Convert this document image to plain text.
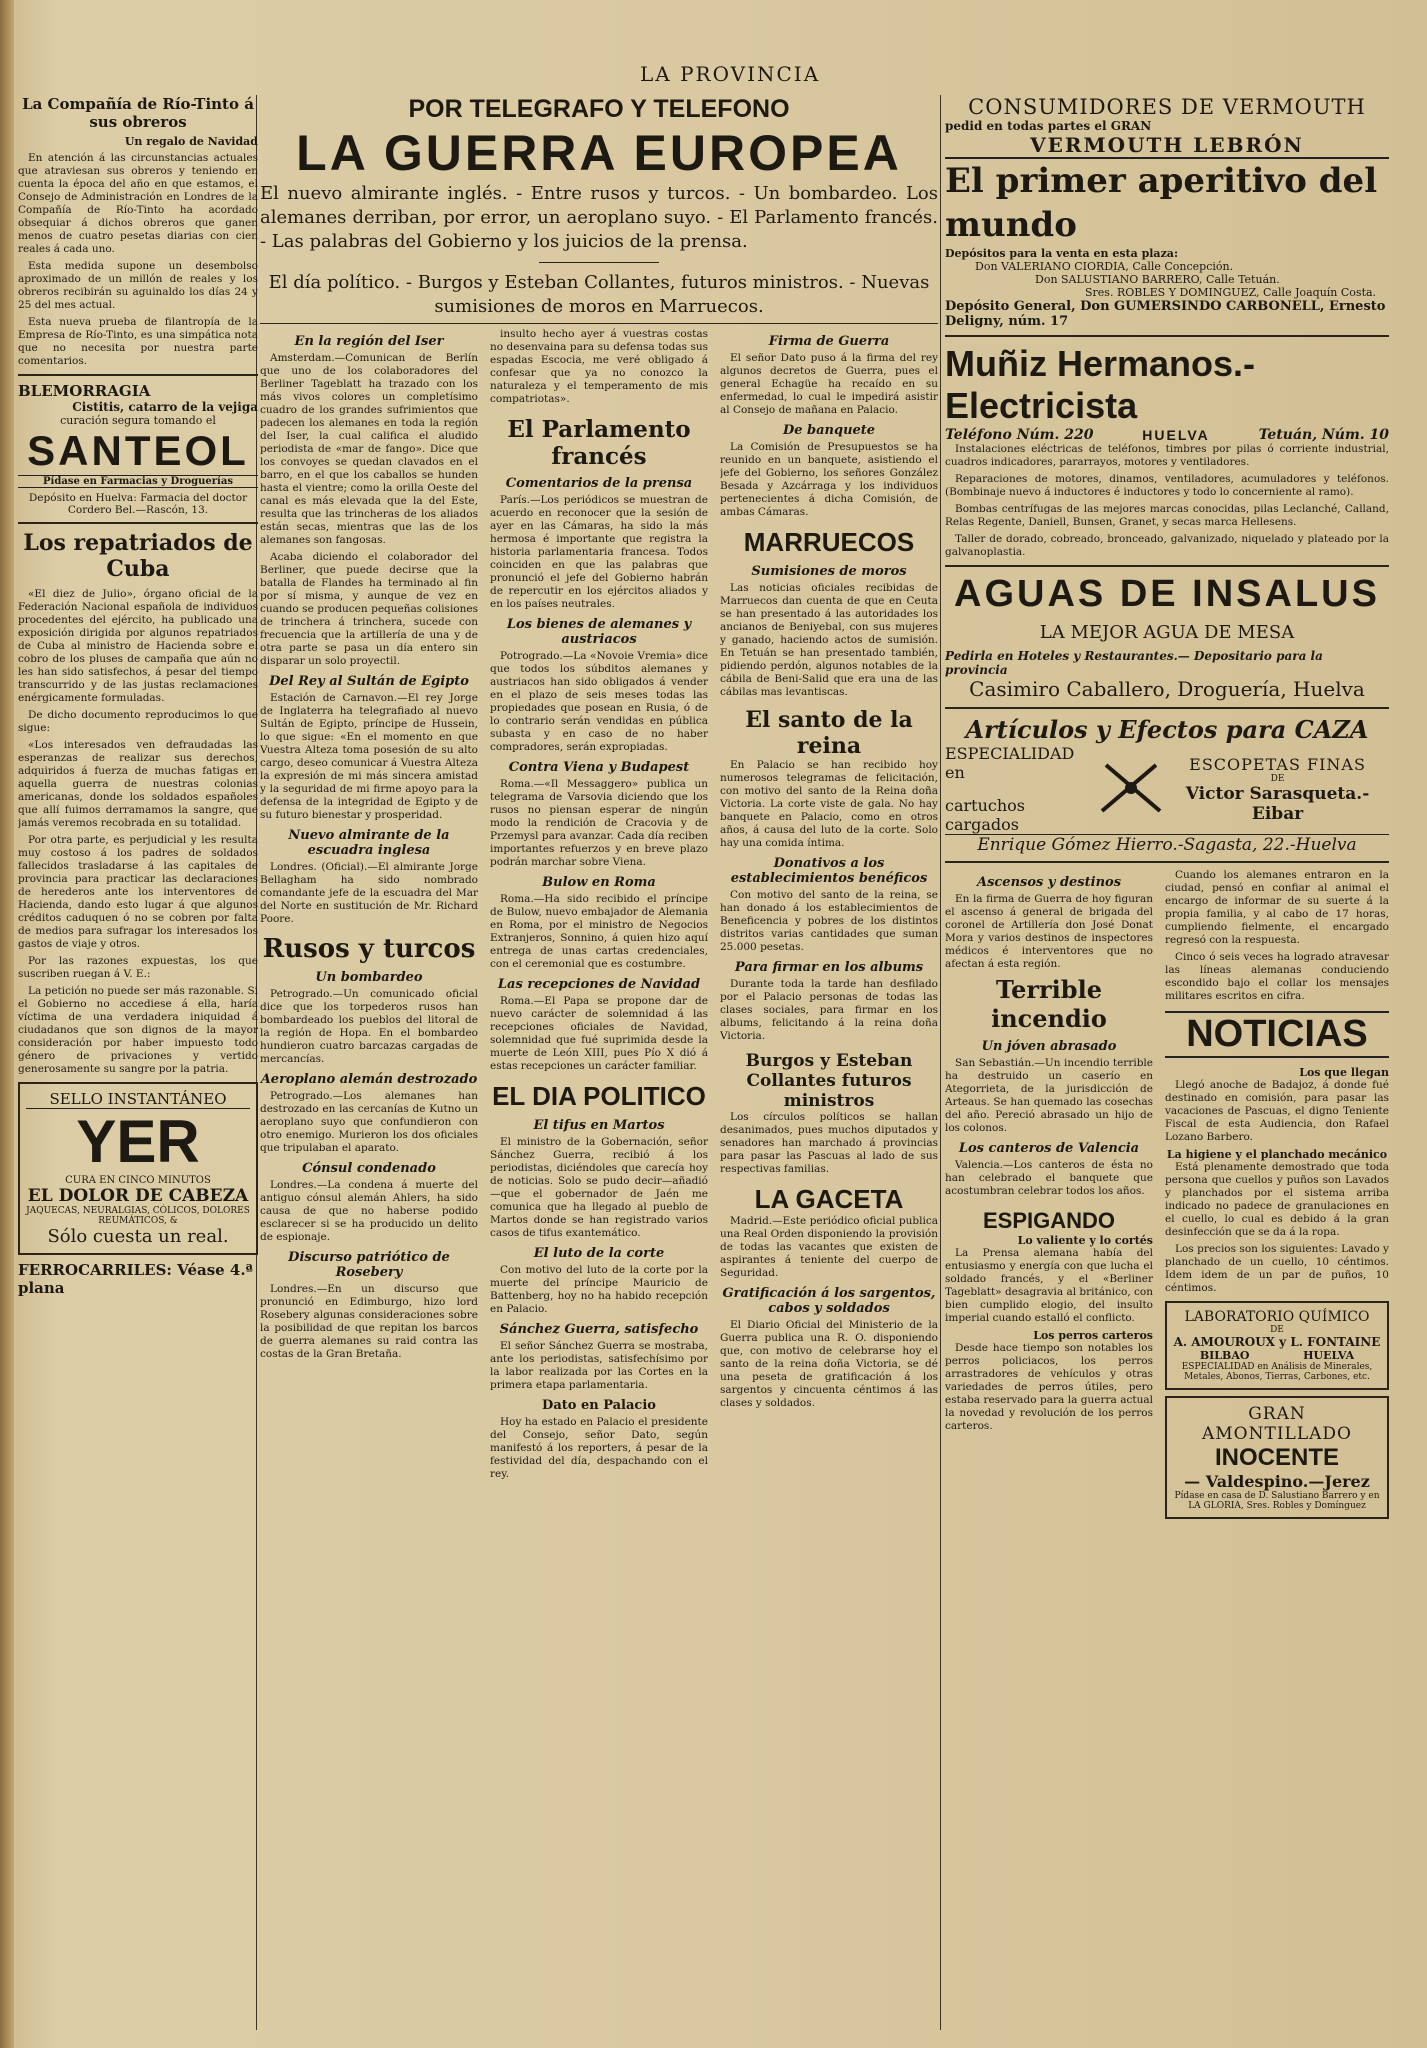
LA PROVINCIA
La Compañía de Río-Tinto á sus obreros
Un regalo de Navidad

En atención á las circunstancias actuales que atraviesan sus obreros y teniendo en cuenta la época del año en que estamos, el Consejo de Administración en Londres de la Compañía de Río-Tinto ha acordado obsequiar á dichos obreros que ganen menos de cuatro pesetas diarias con cien reales á cada uno.

Esta medida supone un desembolso aproximado de un millón de reales y los obreros recibirán su aguinaldo los días 24 y 25 del mes actual.

Esta nueva prueba de filantropía de la Empresa de Río-Tinto, es una simpática nota que no necesita por nuestra parte comentarios.

BLEMORRAGIA
Cistitis, catarro de la vejiga
curación segura tomando el
SANTEOL
Pídase en Farmacias y Droguerías
Depósito en Huelva: Farmacia del doctor Cordero Bel.—Rascón, 13.
Los repatriados de Cuba

«El diez de Julio», órgano oficial de la Federación Nacional española de individuos procedentes del ejército, ha publicado una exposición dirigida por algunos repatriados de Cuba al ministro de Hacienda sobre el cobro de los pluses de campaña que aún no les han sido satisfechos, á pesar del tiempo transcurrido y de las justas reclamaciones enérgicamente formuladas.

De dicho documento reproducimos lo que sigue:

«Los interesados ven defraudadas las esperanzas de realizar sus derechos, adquiridos á fuerza de muchas fatigas en aquella guerra de nuestras colonias americanas, donde los soldados españoles que allí fuimos derramamos la sangre, que jamás veremos recobrada en su totalidad.

Por otra parte, es perjudicial y les resulta muy costoso á los padres de soldados fallecidos trasladarse á las capitales de provincia para practicar las declaraciones de herederos ante los interventores de Hacienda, dando esto lugar á que algunos créditos caduquen ó no se cobren por falta de medios para sufragar los interesados los gastos de viaje y otros.

Por las razones expuestas, los que suscriben ruegan á V. E.:

La petición no puede ser más razonable. Si el Gobierno no accediese á ella, haría víctima de una verdadera iniquidad á ciudadanos que son dignos de la mayor consideración por haber impuesto todo género de privaciones y vertido generosamente su sangre por la patria.

SELLO INSTANTÁNEO
YER
CURA EN CINCO MINUTOS
EL DOLOR DE CABEZA
JAQUECAS, NEURALGIAS, CÓLICOS, DOLORES REUMÁTICOS, &
Sólo cuesta un real.
FERROCARRILES: Véase 4.ª plana
POR TELEGRAFO Y TELEFONO
LA GUERRA EUROPEA
El nuevo almirante inglés. - Entre rusos y turcos. - Un bombardeo. Los alemanes derriban, por error, un aeroplano suyo. - El Parlamento francés. - Las palabras del Gobierno y los juicios de la prensa.
El día político. - Burgos y Esteban Collantes, futuros ministros. - Nuevas sumisiones de moros en Marruecos.
En la región del Iser

Amsterdam.—Comunican de Berlín que uno de los colaboradores del Berliner Tageblatt ha trazado con los más vivos colores un completísimo cuadro de los grandes sufrimientos que padecen los alemanes en toda la región del Iser, la cual califica el aludido periodista de «mar de fango». Dice que los convoyes se quedan clavados en el barro, en el que los caballos se hunden hasta el vientre; como la orilla Oeste del canal es más elevada que la del Este, resulta que las trincheras de los aliados están secas, mientras que las de los alemanes son fangosas.

Acaba diciendo el colaborador del Berliner, que puede decirse que la batalla de Flandes ha terminado al fin por sí misma, y aunque de vez en cuando se producen pequeñas colisiones de trinchera á trinchera, sucede con frecuencia que la artillería de una y de otra parte se pasa un día entero sin disparar un solo proyectil.

Del Rey al Sultán de Egipto

Estación de Carnavon.—El rey Jorge de Inglaterra ha telegrafiado al nuevo Sultán de Egipto, príncipe de Hussein, lo que sigue: «En el momento en que Vuestra Alteza toma posesión de su alto cargo, deseo comunicar á Vuestra Alteza la expresión de mi más sincera amistad y la seguridad de mi firme apoyo para la defensa de la integridad de Egipto y de su futuro bienestar y prosperidad.

Nuevo almirante de la escuadra inglesa

Londres. (Oficial).—El almirante Jorge Bellagham ha sido nombrado comandante jefe de la escuadra del Mar del Norte en sustitución de Mr. Richard Poore.

Rusos y turcos
Un bombardeo

Petrogrado.—Un comunicado oficial dice que los torpederos rusos han bombardeado los pueblos del litoral de la región de Hopa. En el bombardeo hundieron cuatro barcazas cargadas de mercancías.

Aeroplano alemán destrozado

Petrogrado.—Los alemanes han destrozado en las cercanías de Kutno un aeroplano suyo que confundieron con otro enemigo. Murieron los dos oficiales que tripulaban el aparato.

Cónsul condenado

Londres.—La condena á muerte del antiguo cónsul alemán Ahlers, ha sido causa de que no haberse podido esclarecer si se ha producido un delito de espionaje.

Discurso patriótico de Rosebery

Londres.—En un discurso que pronunció en Edimburgo, hizo lord Rosebery algunas consideraciones sobre la posibilidad de que repitan los barcos de guerra alemanes su raid contra las costas de la Gran Bretaña.

insulto hecho ayer á vuestras costas no desenvaina para su defensa todas sus espadas Escocia, me veré obligado á confesar que ya no conozco la naturaleza y el temperamento de mis compatriotas».

El Parlamento francés
Comentarios de la prensa

París.—Los periódicos se muestran de acuerdo en reconocer que la sesión de ayer en las Cámaras, ha sido la más hermosa é importante que registra la historia parlamentaria francesa. Todos coinciden en que las palabras que pronunció el jefe del Gobierno habrán de repercutir en los ejércitos aliados y en los países neutrales.

Los bienes de alemanes y austriacos

Potrogrado.—La «Novoie Vremia» dice que todos los súbditos alemanes y austriacos han sido obligados á vender en el plazo de seis meses todas las propiedades que posean en Rusia, ó de lo contrario serán vendidas en pública subasta y en caso de no haber compradores, serán expropiadas.

Contra Viena y Budapest

Roma.—«Il Messaggero» publica un telegrama de Varsovia diciendo que los rusos no piensan esperar de ningún modo la rendición de Cracovia y de Przemysl para avanzar. Cada día reciben importantes refuerzos y en breve plazo podrán marchar sobre Viena.

Bulow en Roma

Roma.—Ha sido recibido el príncipe de Bulow, nuevo embajador de Alemania en Roma, por el ministro de Negocios Extranjeros, Sonnino, á quien hizo aquí entrega de unas cartas credenciales, con el ceremonial que es costumbre.

Las recepciones de Navidad

Roma.—El Papa se propone dar de nuevo carácter de solemnidad á las recepciones oficiales de Navidad, solemnidad que fué suprimida desde la muerte de León XIII, pues Pío X dió á estas recepciones un carácter familiar.

EL DIA POLITICO
El tifus en Martos

El ministro de la Gobernación, señor Sánchez Guerra, recibió á los periodistas, diciéndoles que carecía hoy de noticias. Solo se pudo decir—añadió—que el gobernador de Jaén me comunica que ha llegado al pueblo de Martos donde se han registrado varios casos de tifus exantemático.

El luto de la corte

Con motivo del luto de la corte por la muerte del príncipe Mauricio de Battenberg, hoy no ha habido recepción en Palacio.

Sánchez Guerra, satisfecho

El señor Sánchez Guerra se mostraba, ante los periodistas, satisfechísimo por la labor realizada por las Cortes en la primera etapa parlamentaria.

Dato en Palacio

Hoy ha estado en Palacio el presidente del Consejo, señor Dato, según manifestó á los reporters, á pesar de la festividad del día, despachando con el rey.

Firma de Guerra

El señor Dato puso á la firma del rey algunos decretos de Guerra, pues el general Echagüe ha recaído en su enfermedad, lo cual le impedirá asistir al Consejo de mañana en Palacio.

De banquete

La Comisión de Presupuestos se ha reunido en un banquete, asistiendo el jefe del Gobierno, los señores González Besada y Azcárraga y los individuos pertenecientes á dicha Comisión, de ambas Cámaras.

MARRUECOS
Sumisiones de moros

Las noticias oficiales recibidas de Marruecos dan cuenta de que en Ceuta se han presentado á las autoridades los ancianos de Beniyebal, con sus mujeres y ganado, haciendo actos de sumisión. En Tetuán se han presentado también, pidiendo perdón, algunos notables de la cábila de Beni-Salid que era una de las cábilas mas levantiscas.

El santo de la reina

En Palacio se han recibido hoy numerosos telegramas de felicitación, con motivo del santo de la Reina doña Victoria. La corte viste de gala. No hay banquete en Palacio, como en otros años, á causa del luto de la corte. Solo hay una comida íntima.

Donativos a los establecimientos benéficos

Con motivo del santo de la reina, se han donado á los establecimientos de Beneficencia y pobres de los distintos distritos varias cantidades que suman 25.000 pesetas.

Para firmar en los albums

Durante toda la tarde han desfilado por el Palacio personas de todas las clases sociales, para firmar en los albums, felicitando á la reina doña Victoria.

Burgos y Esteban Collantes futuros ministros

Los círculos políticos se hallan desanimados, pues muchos diputados y senadores han marchado á provincias para pasar las Pascuas al lado de sus respectivas familias.

LA GACETA

Madrid.—Este periódico oficial publica una Real Orden disponiendo la provisión de todas las vacantes que existen de aspirantes á teniente del cuerpo de Seguridad.

Gratificación á los sargentos, cabos y soldados

El Diario Oficial del Ministerio de la Guerra publica una R. O. disponiendo que, con motivo de celebrarse hoy el santo de la reina doña Victoria, se dé una peseta de gratificación á los sargentos y cincuenta céntimos á las clases y soldados.

CONSUMIDORES DE VERMOUTH
pedid en todas partes el GRAN
VERMOUTH LEBRÓN
El primer aperitivo del mundo
Depósitos para la venta en esta plaza:
Don VALERIANO CIORDIA, Calle Concepción.
Don SALUSTIANO BARRERO, Calle Tetuán.
Sres. ROBLES Y DOMINGUEZ, Calle Joaquín Costa.
Depósito General, Don GUMERSINDO CARBONELL, Ernesto Deligny, núm. 17
Muñiz Hermanos.-Electricista
Teléfono Núm. 220	HUELVA	Tetuán, Núm. 10

Instalaciones eléctricas de teléfonos, timbres por pilas ó corriente industrial, cuadros indicadores, pararrayos, motores y ventiladores.

Reparaciones de motores, dinamos, ventiladores, acumuladores y teléfonos. (Bombinaje nuevo á inductores é inductores y todo lo concerniente al ramo).

Bombas centrífugas de las mejores marcas conocidas, pilas Leclanché, Calland, Relas Regente, Daniell, Bunsen, Granet, y secas marca Hellesens.

Taller de dorado, cobreado, bronceado, galvanizado, niquelado y plateado por la galvanoplastia.

AGUAS DE INSALUS
LA MEJOR AGUA DE MESA
Pedirla en Hoteles y Restaurantes.— Depositario para la provincia
Casimiro Caballero, Droguería, Huelva
Artículos y Efectos para CAZA
ESPECIALIDAD en
cartuchos cargados
ESCOPETAS FINAS
DE
Victor Sarasqueta.-Eibar
Enrique Gómez Hierro.-Sagasta, 22.-Huelva
Ascensos y destinos

En la firma de Guerra de hoy figuran el ascenso á general de brigada del coronel de Artillería don José Donat Mora y varios destinos de inspectores médicos é interventores que no afectan á esta región.

Terrible incendio
Un jóven abrasado

San Sebastián.—Un incendio terrible ha destruido un caserío en Ategorrieta, de la jurisdicción de Arteaus. Se han quemado las cosechas del año. Pereció abrasado un hijo de los colonos.

Los canteros de Valencia

Valencia.—Los canteros de ésta no han celebrado el banquete que acostumbran celebrar todos los años.

ESPIGANDO
Lo valiente y lo cortés

La Prensa alemana había del entusiasmo y energía con que lucha el soldado francés, y el «Berliner Tageblatt» desagravia al británico, con bien cumplido elogio, del insulto imperial cuando estalló el conflicto.

Los perros carteros

Desde hace tiempo son notables los perros policiacos, los perros arrastradores de vehículos y otras variedades de perros útiles, pero estaba reservado para la guerra actual la novedad y revolución de los perros carteros.

Cuando los alemanes entraron en la ciudad, pensó en confiar al animal el encargo de informar de su suerte á la propia familia, y al cabo de 17 horas, cumpliendo fielmente, el encargado regresó con la respuesta.

Cinco ó seis veces ha logrado atravesar las líneas alemanas conduciendo escondido bajo el collar los mensajes militares escritos en cifra.

NOTICIAS
Los que llegan

Llegó anoche de Badajoz, á donde fué destinado en comisión, para pasar las vacaciones de Pascuas, el digno Teniente Fiscal de esta Audiencia, don Rafael Lozano Barbero.

La higiene y el planchado mecánico

Está plenamente demostrado que toda persona que cuellos y puños son Lavados y planchados por el sistema arriba indicado no padece de granulaciones en el cuello, lo cual es debido á la gran desinfección que se da á la ropa.

Los precios son los siguientes: Lavado y planchado de un cuello, 10 céntimos. Idem idem de un par de puños, 10 céntimos.

LABORATORIO QUÍMICO
DE
A. AMOUROUX y L. FONTAINE
BILBAO	HUELVA
ESPECIALIDAD en Análisis de Minerales, Metales, Abonos, Tierras, Carbones, etc.
GRAN AMONTILLADO
INOCENTE
— Valdespino.—Jerez
Pídase en casa de D. Salustiano Barrero y en LA GLORIA, Sres. Robles y Domínguez
